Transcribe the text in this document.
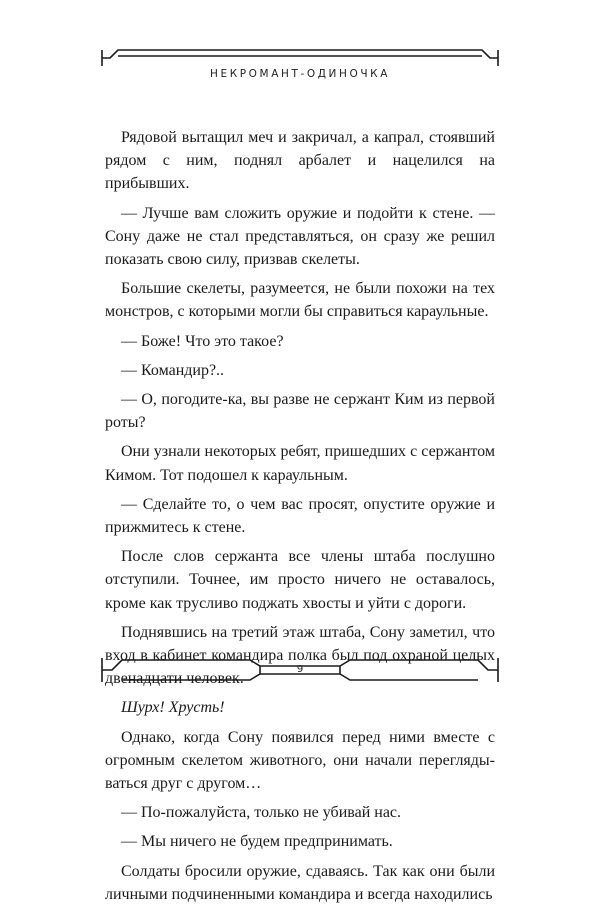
НЕКРОМАНТ-ОДИНОЧКА

Рядовой вытащил меч и закричал, а капрал, стоявший рядом с ним, поднял арбалет и нацелился на прибывших.

— Лучше вам сложить оружие и подойти к стене. — Сону даже не стал представляться, он сразу же решил показать свою силу, призвав скелеты.

Большие скелеты, разумеется, не были похожи на тех монстров, с которыми могли бы справиться караульные.

— Боже! Что это такое?

— Командир?..

— О, погодите-ка, вы разве не сержант Ким из первой роты?

Они узнали некоторых ребят, пришедших с сержантом Кимом. Тот подошел к караульным.

— Сделайте то, о чем вас просят, опустите оружие и прижмитесь к стене.

После слов сержанта все члены штаба послушно отступили. Точнее, им просто ничего не оставалось, кроме как трусливо поджать хвосты и уйти с дороги.

Поднявшись на третий этаж штаба, Сону заметил, что вход в кабинет командира полка был под охраной целых двенадцати человек.

Шурх! Хрусть!

Однако, когда Сону появился перед ними вместе с огромным скелетом животного, они начали переглядываться друг с другом…

— По-пожалуйста, только не убивай нас.

— Мы ничего не будем предпринимать.

Солдаты бросили оружие, сдаваясь. Так как они были личными подчиненными командира и всегда находились

9
